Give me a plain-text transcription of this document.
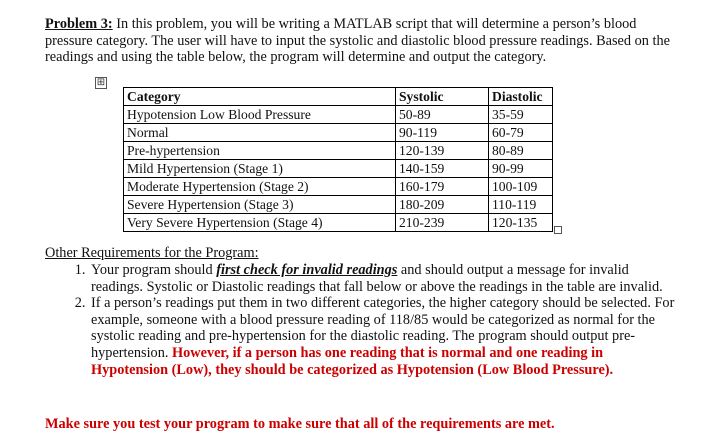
Problem 3: In this problem, you will be writing a MATLAB script that will determine a person’s blood pressure category. The user will have to input the systolic and diastolic blood pressure readings. Based on the readings and using the table below, the program will determine and output the category.

⊞
Category	Systolic	Diastolic
Hypotension Low Blood Pressure	50-89	35-59
Normal	90-119	60-79
Pre-hypertension	120-139	80-89
Mild Hypertension (Stage 1)	140-159	90-99
Moderate Hypertension (Stage 2)	160-179	100-109
Severe Hypertension (Stage 3)	180-209	110-119
Very Severe Hypertension (Stage 4)	210-239	120-135

Other Requirements for the Program:

1. Your program should first check for invalid readings and should output a message for invalid readings. Systolic or Diastolic readings that fall below or above the readings in the table are invalid.
2. If a person’s readings put them in two different categories, the higher category should be selected. For example, someone with a blood pressure reading of 118/85 would be categorized as normal for the systolic reading and pre-hypertension for the diastolic reading. The program should output pre-hypertension. However, if a person has one reading that is normal and one reading in Hypotension (Low), they should be categorized as Hypotension (Low Blood Pressure).

Make sure you test your program to make sure that all of the requirements are met.
